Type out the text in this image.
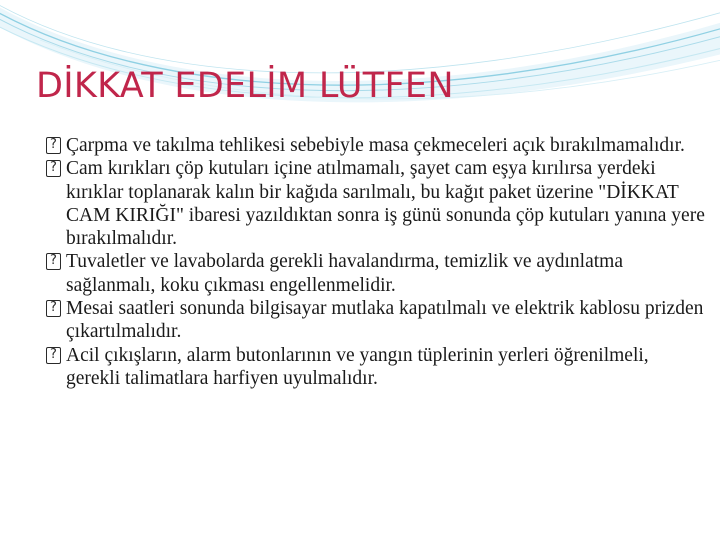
DİKKAT EDELİM LÜTFEN
? Çarpma ve takılma tehlikesi sebebiyle masa çekmeceleri açık bırakılmamalıdır.
? Cam kırıkları çöp kutuları içine atılmamalı, şayet cam eşya kırılırsa yerdeki kırıklar toplanarak kalın bir kağıda sarılmalı, bu kağıt paket üzerine "DİKKAT CAM KIRIĞI" ibaresi yazıldıktan sonra iş günü sonunda çöp kutuları yanına yere bırakılmalıdır.
? Tuvaletler ve lavabolarda gerekli havalandırma, temizlik ve aydınlatma sağlanmalı, koku çıkması engellenmelidir.
? Mesai saatleri sonunda bilgisayar mutlaka kapatılmalı ve elektrik kablosu prizden çıkartılmalıdır.
? Acil çıkışların, alarm butonlarının ve yangın tüplerinin yerleri öğrenilmeli, gerekli talimatlara harfiyen uyulmalıdır.
